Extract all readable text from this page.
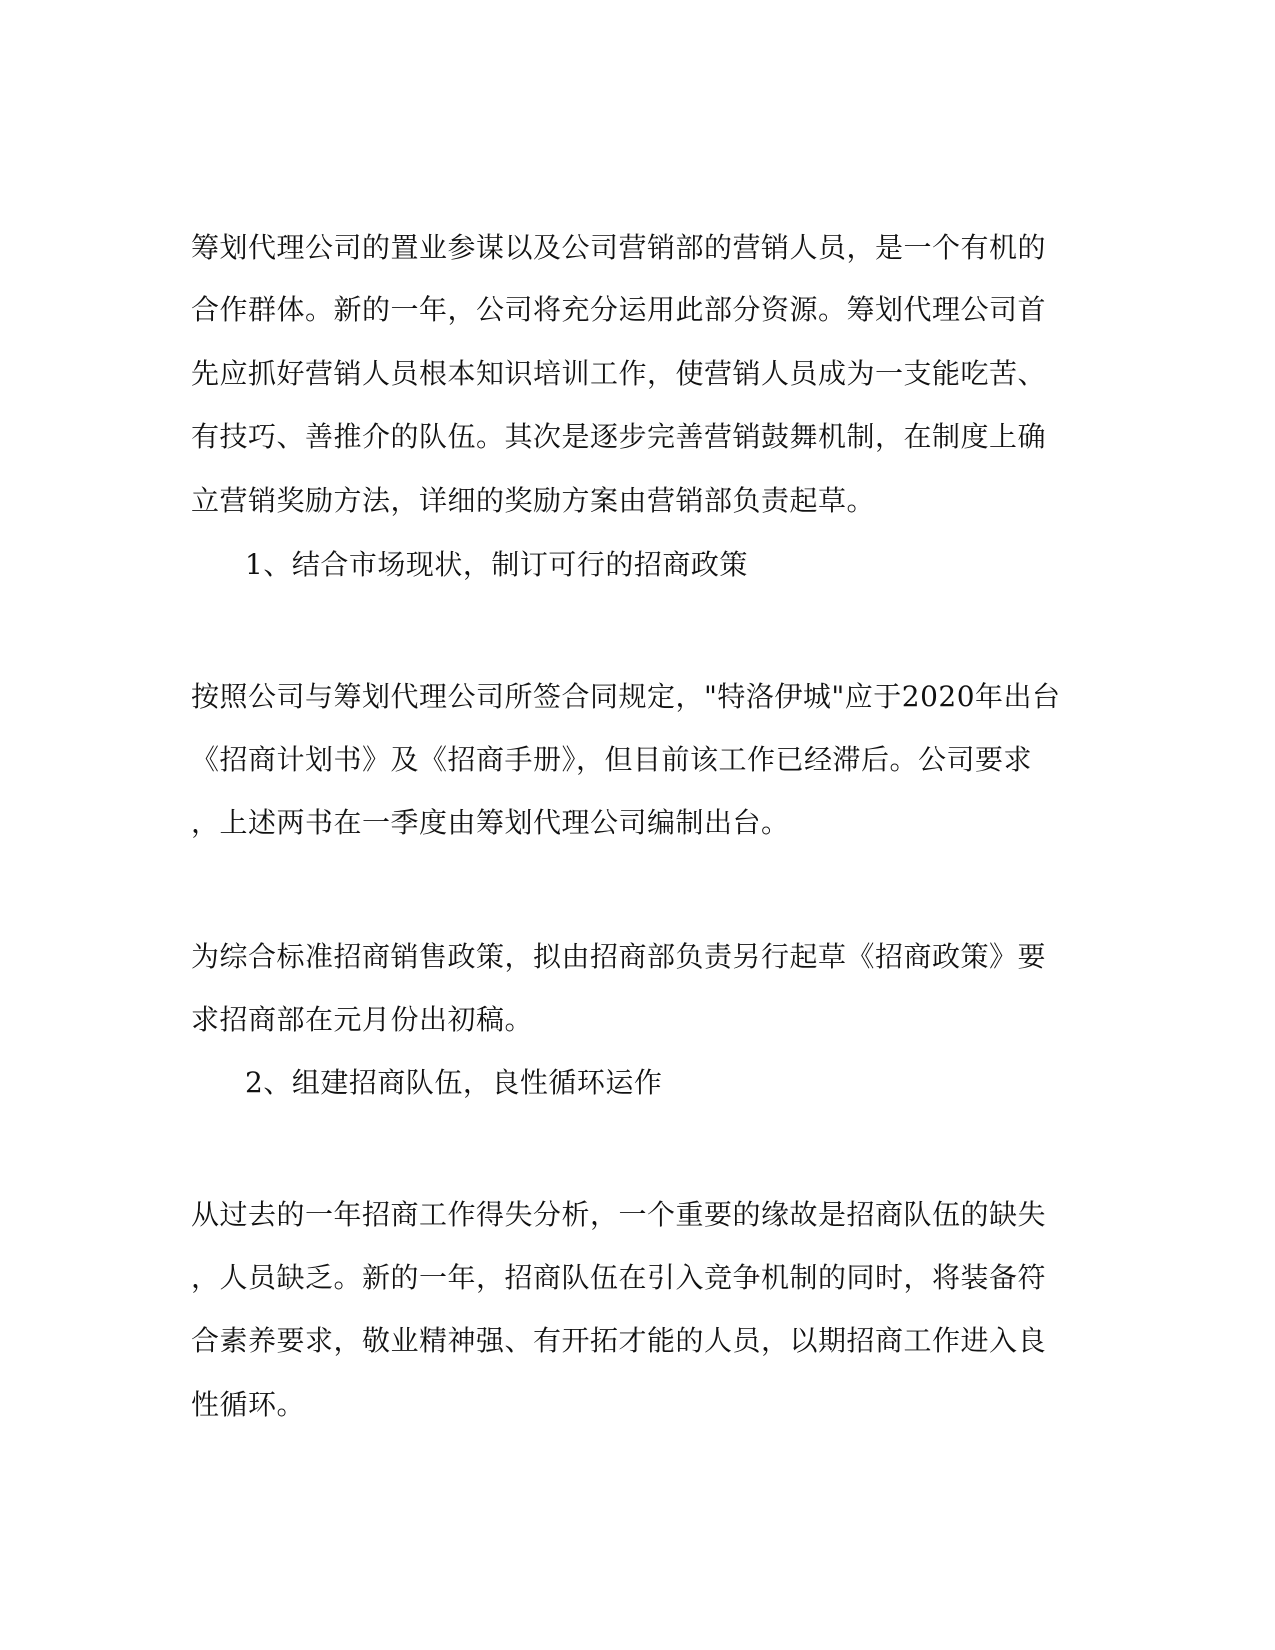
筹划代理公司的置业参谋以及公司营销部的营销人员，是一个有机的
合作群体。新的一年，公司将充分运用此部分资源。筹划代理公司首
先应抓好营销人员根本知识培训工作，使营销人员成为一支能吃苦、
有技巧、善推介的队伍。其次是逐步完善营销鼓舞机制，在制度上确
立营销奖励方法，详细的奖励方案由营销部负责起草。
1、结合市场现状，制订可行的招商政策
按照公司与筹划代理公司所签合同规定，"特洛伊城"应于2020年出台
《招商计划书》及《招商手册》，但目前该工作已经滞后。公司要求
，上述两书在一季度由筹划代理公司编制出台。
为综合标准招商销售政策，拟由招商部负责另行起草《招商政策》要
求招商部在元月份出初稿。
2、组建招商队伍，良性循环运作
从过去的一年招商工作得失分析，一个重要的缘故是招商队伍的缺失
，人员缺乏。新的一年，招商队伍在引入竞争机制的同时，将装备符
合素养要求，敬业精神强、有开拓才能的人员，以期招商工作进入良
性循环。
